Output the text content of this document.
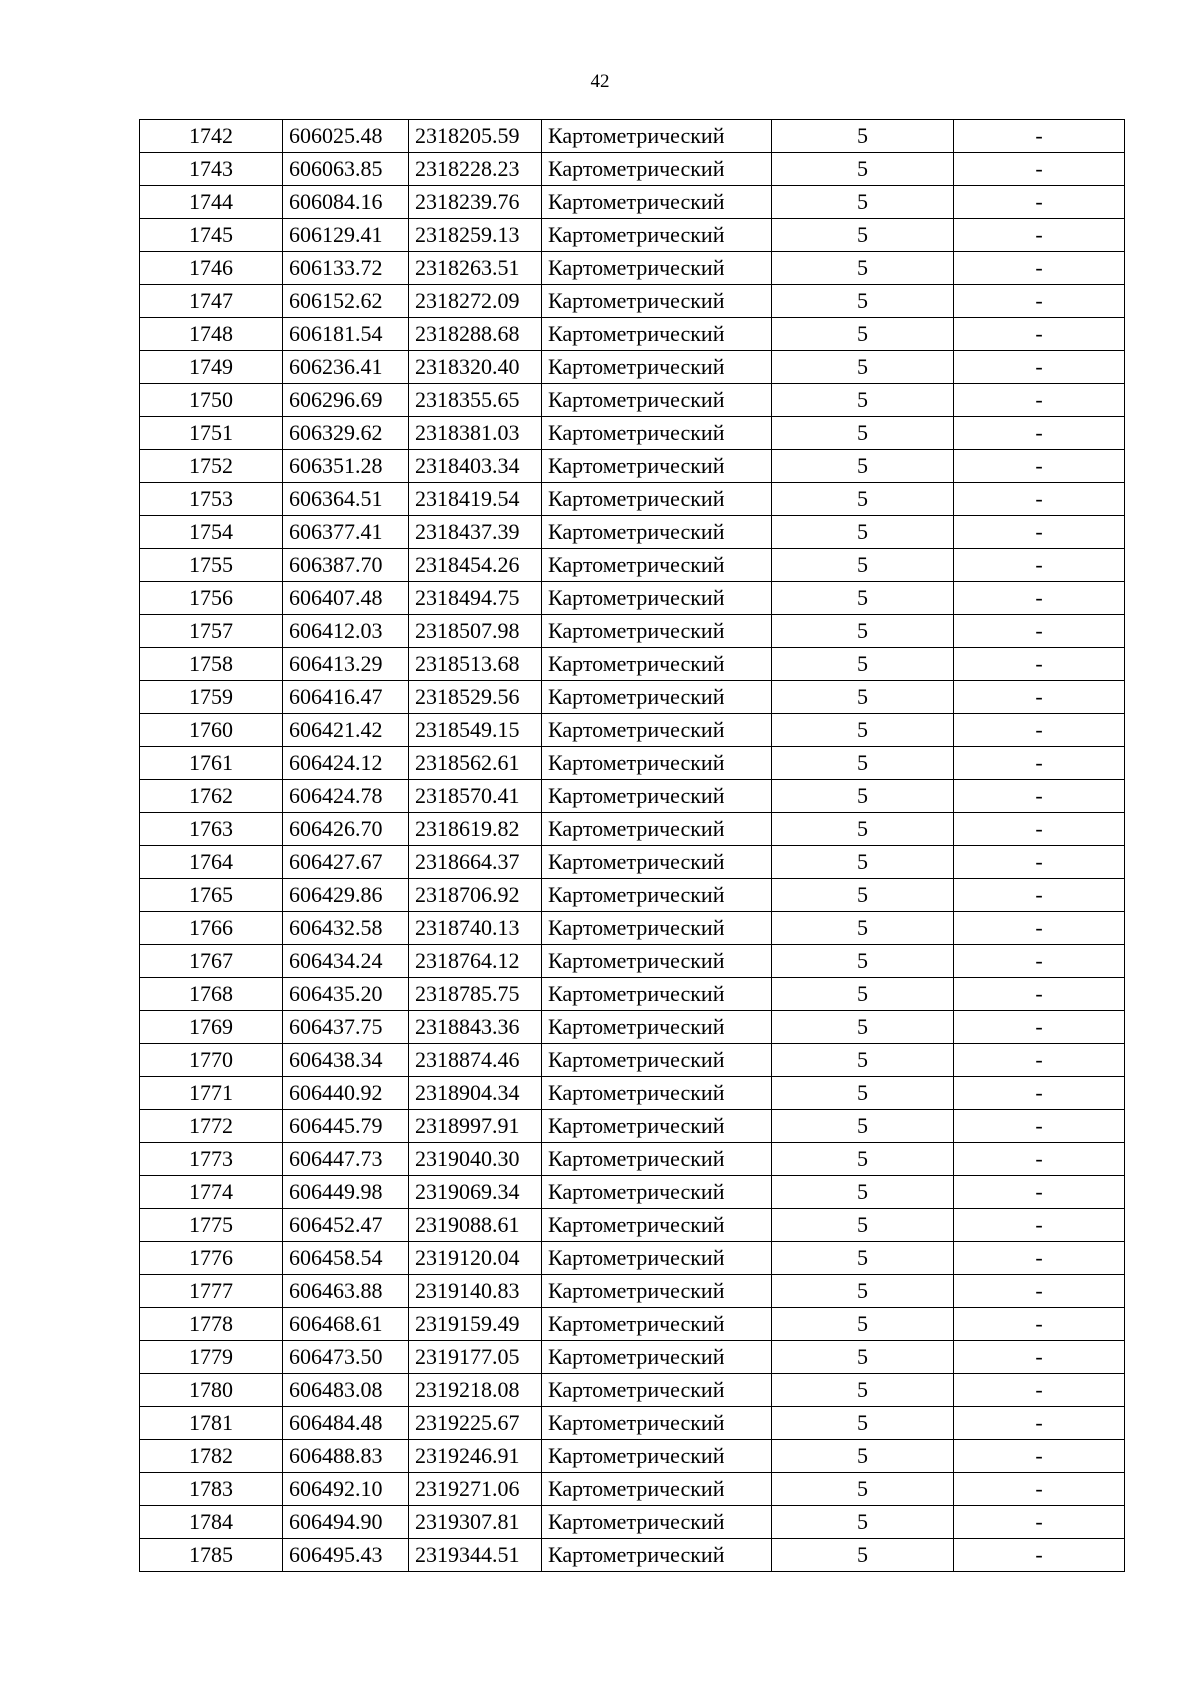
42
1742	606025.48	2318205.59	Картометрический	5	-
1743	606063.85	2318228.23	Картометрический	5	-
1744	606084.16	2318239.76	Картометрический	5	-
1745	606129.41	2318259.13	Картометрический	5	-
1746	606133.72	2318263.51	Картометрический	5	-
1747	606152.62	2318272.09	Картометрический	5	-
1748	606181.54	2318288.68	Картометрический	5	-
1749	606236.41	2318320.40	Картометрический	5	-
1750	606296.69	2318355.65	Картометрический	5	-
1751	606329.62	2318381.03	Картометрический	5	-
1752	606351.28	2318403.34	Картометрический	5	-
1753	606364.51	2318419.54	Картометрический	5	-
1754	606377.41	2318437.39	Картометрический	5	-
1755	606387.70	2318454.26	Картометрический	5	-
1756	606407.48	2318494.75	Картометрический	5	-
1757	606412.03	2318507.98	Картометрический	5	-
1758	606413.29	2318513.68	Картометрический	5	-
1759	606416.47	2318529.56	Картометрический	5	-
1760	606421.42	2318549.15	Картометрический	5	-
1761	606424.12	2318562.61	Картометрический	5	-
1762	606424.78	2318570.41	Картометрический	5	-
1763	606426.70	2318619.82	Картометрический	5	-
1764	606427.67	2318664.37	Картометрический	5	-
1765	606429.86	2318706.92	Картометрический	5	-
1766	606432.58	2318740.13	Картометрический	5	-
1767	606434.24	2318764.12	Картометрический	5	-
1768	606435.20	2318785.75	Картометрический	5	-
1769	606437.75	2318843.36	Картометрический	5	-
1770	606438.34	2318874.46	Картометрический	5	-
1771	606440.92	2318904.34	Картометрический	5	-
1772	606445.79	2318997.91	Картометрический	5	-
1773	606447.73	2319040.30	Картометрический	5	-
1774	606449.98	2319069.34	Картометрический	5	-
1775	606452.47	2319088.61	Картометрический	5	-
1776	606458.54	2319120.04	Картометрический	5	-
1777	606463.88	2319140.83	Картометрический	5	-
1778	606468.61	2319159.49	Картометрический	5	-
1779	606473.50	2319177.05	Картометрический	5	-
1780	606483.08	2319218.08	Картометрический	5	-
1781	606484.48	2319225.67	Картометрический	5	-
1782	606488.83	2319246.91	Картометрический	5	-
1783	606492.10	2319271.06	Картометрический	5	-
1784	606494.90	2319307.81	Картометрический	5	-
1785	606495.43	2319344.51	Картометрический	5	-
